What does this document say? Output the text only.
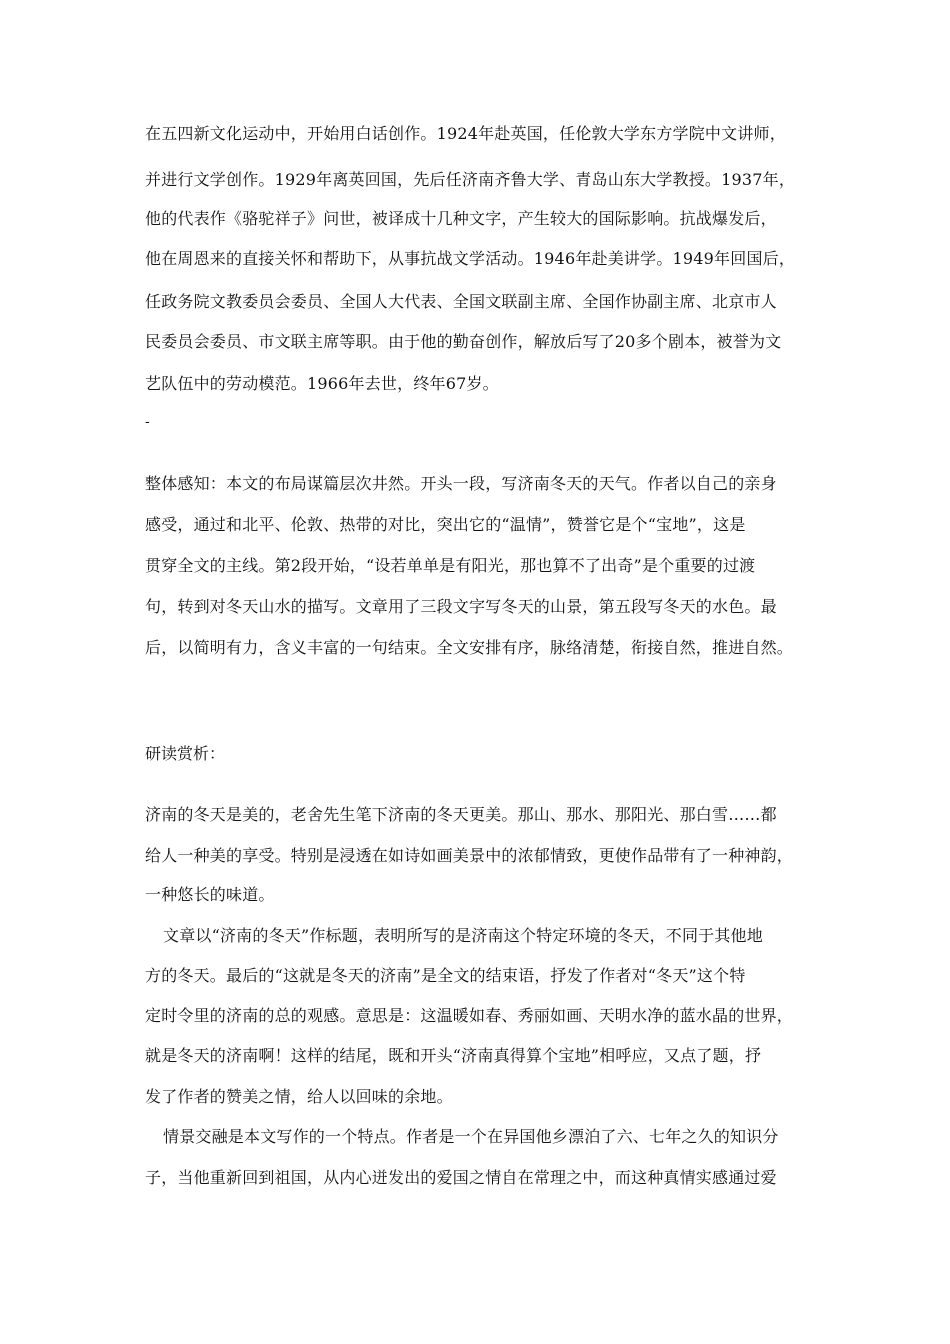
在五四新文化运动中，开始用白话创作。1924年赴英国，任伦敦大学东方学院中文讲师，
并进行文学创作。1929年离英回国，先后任济南齐鲁大学、青岛山东大学教授。1937年，
他的代表作《骆驼祥子》问世，被译成十几种文字，产生较大的国际影响。抗战爆发后，
他在周恩来的直接关怀和帮助下，从事抗战文学活动。1946年赴美讲学。1949年回国后，
任政务院文教委员会委员、全国人大代表、全国文联副主席、全国作协副主席、北京市人
民委员会委员、市文联主席等职。由于他的勤奋创作，解放后写了20多个剧本，被誉为文
艺队伍中的劳动模范。1966年去世，终年67岁。
-
整体感知：本文的布局谋篇层次井然。开头一段，写济南冬天的天气。作者以自己的亲身
感受，通过和北平、伦敦、热带的对比，突出它的“温情”，赞誉它是个“宝地”，这是
贯穿全文的主线。第2段开始，“设若单单是有阳光，那也算不了出奇”是个重要的过渡
句，转到对冬天山水的描写。文章用了三段文字写冬天的山景，第五段写冬天的水色。最
后，以简明有力，含义丰富的一句结束。全文安排有序，脉络清楚，衔接自然，推进自然。
研读赏析：
济南的冬天是美的，老舍先生笔下济南的冬天更美。那山、那水、那阳光、那白雪……都
给人一种美的享受。特别是浸透在如诗如画美景中的浓郁情致，更使作品带有了一种神韵，
一种悠长的味道。
文章以“济南的冬天”作标题，表明所写的是济南这个特定环境的冬天，不同于其他地
方的冬天。最后的“这就是冬天的济南”是全文的结束语，抒发了作者对“冬天”这个特
定时令里的济南的总的观感。意思是：这温暖如春、秀丽如画、天明水净的蓝水晶的世界，
就是冬天的济南啊！这样的结尾，既和开头“济南真得算个宝地”相呼应，又点了题，抒
发了作者的赞美之情，给人以回味的余地。
情景交融是本文写作的一个特点。作者是一个在异国他乡漂泊了六、七年之久的知识分
子，当他重新回到祖国，从内心迸发出的爱国之情自在常理之中，而这种真情实感通过爱
